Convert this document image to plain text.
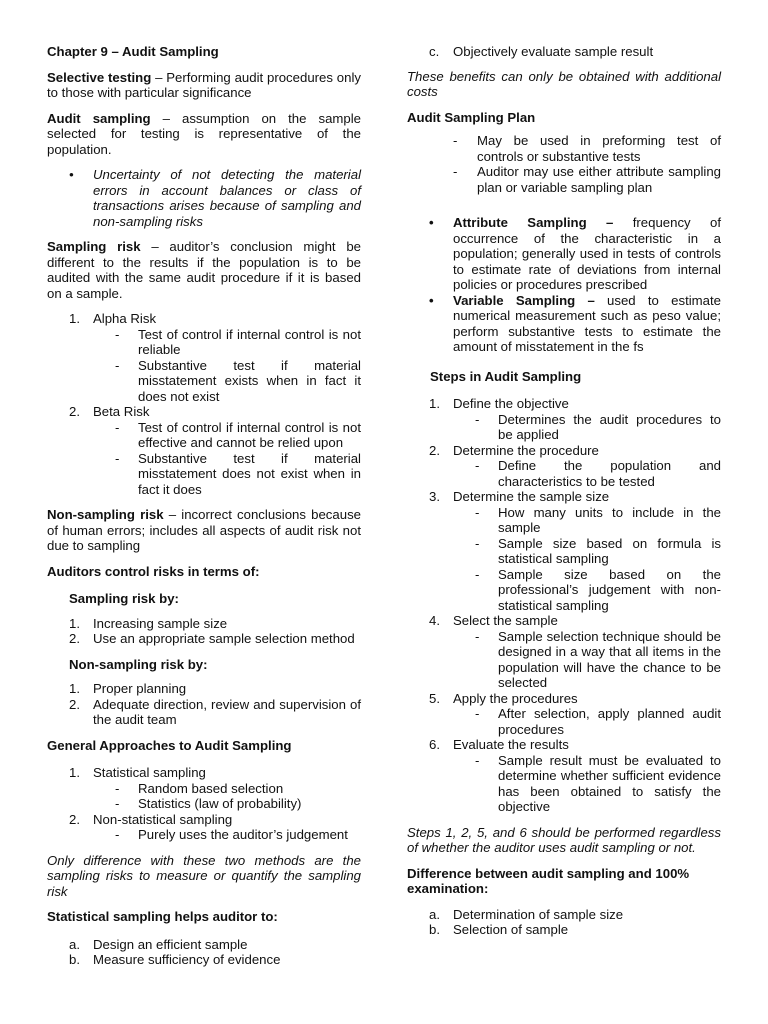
Chapter 9 – Audit Sampling

Selective testing – Performing audit procedures only to those with particular significance

Audit sampling – assumption on the sample selected for testing is representative of the population.

•	Uncertainty of not detecting the material errors in account balances or class of transactions arises because of sampling and non-sampling risks

Sampling risk – auditor’s conclusion might be different to the results if the population is to be audited with the same audit procedure if it is based on a sample.

1. Alpha Risk
-	Test of control if internal control is not reliable
-	Substantive test if material misstatement exists when in fact it does not exist
2. Beta Risk
-	Test of control if internal control is not effective and cannot be relied upon
-	Substantive test if material misstatement does not exist when in fact it does

Non-sampling risk – incorrect conclusions because of human errors; includes all aspects of audit risk not due to sampling

Auditors control risks in terms of:

Sampling risk by:
1. Increasing sample size
2. Use an appropriate sample selection method
Non-sampling risk by:
1. Proper planning
2. Adequate direction, review and supervision of the audit team

General Approaches to Audit Sampling

1. Statistical sampling
-	Random based selection
-	Statistics (law of probability)
2. Non-statistical sampling
-	Purely uses the auditor’s judgement

Only difference with these two methods are the sampling risks to measure or quantify the sampling risk

Statistical sampling helps auditor to:

a. Design an efficient sample
b. Measure sufficiency of evidence
c.	Objectively evaluate sample result

These benefits can only be obtained with additional costs

Audit Sampling Plan

-	May be used in preforming test of controls or substantive tests
-	Auditor may use either attribute sampling plan or variable sampling plan
•	Attribute Sampling – frequency of occurrence of the characteristic in a population; generally used in tests of controls to estimate rate of deviations from internal policies or procedures prescribed
•	Variable Sampling – used to estimate numerical measurement such as peso value; perform substantive tests to estimate the amount of misstatement in the fs

Steps in Audit Sampling

1. Define the objective
-	Determines the audit procedures to be applied
2. Determine the procedure
-	Define the population and characteristics to be tested
3. Determine the sample size
-	How many units to include in the sample
-	Sample size based on formula is statistical sampling
-	Sample size based on the professional’s judgement with non-statistical sampling
4. Select the sample
-	Sample selection technique should be designed in a way that all items in the population will have the chance to be selected
5. Apply the procedures
-	After selection, apply planned audit procedures
6. Evaluate the results
-	Sample result must be evaluated to determine whether sufficient evidence has been obtained to satisfy the objective

Steps 1, 2, 5, and 6 should be performed regardless of whether the auditor uses audit sampling or not.

Difference between audit sampling and 100% examination:

a. Determination of sample size
b. Selection of sample
